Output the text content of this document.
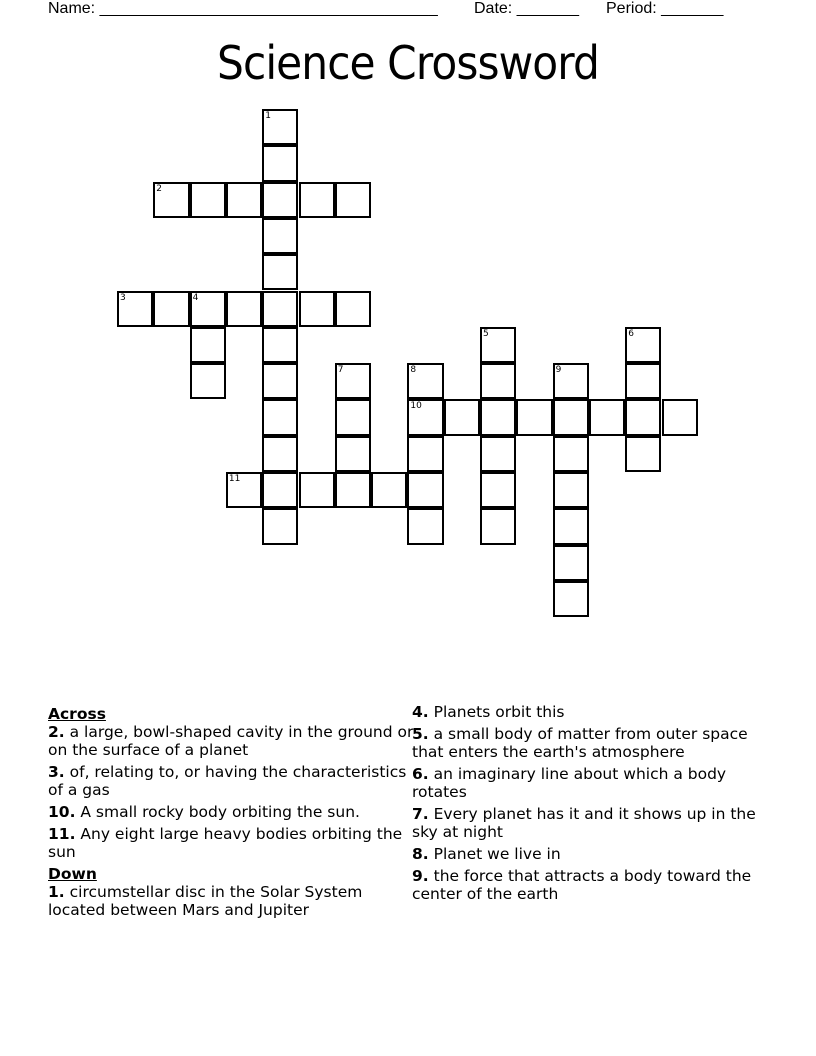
Name: ______________________________________ Date: _______ Period: _______
Science Crossword
1
2
3	4
5	6
7	8
10
9
11
Across
2. a large, bowl-shaped cavity in the ground or on the surface of a planet
3. of, relating to, or having the characteristics of a gas
10. A small rocky body orbiting the sun.
11. Any eight large heavy bodies orbiting the sun
Down
1. circumstellar disc in the Solar System located between Mars and Jupiter
4. Planets orbit this
5. a small body of matter from outer space that enters the earth's atmosphere
6. an imaginary line about which a body rotates
7. Every planet has it and it shows up in the sky at night
8. Planet we live in
9. the force that attracts a body toward the center of the earth
